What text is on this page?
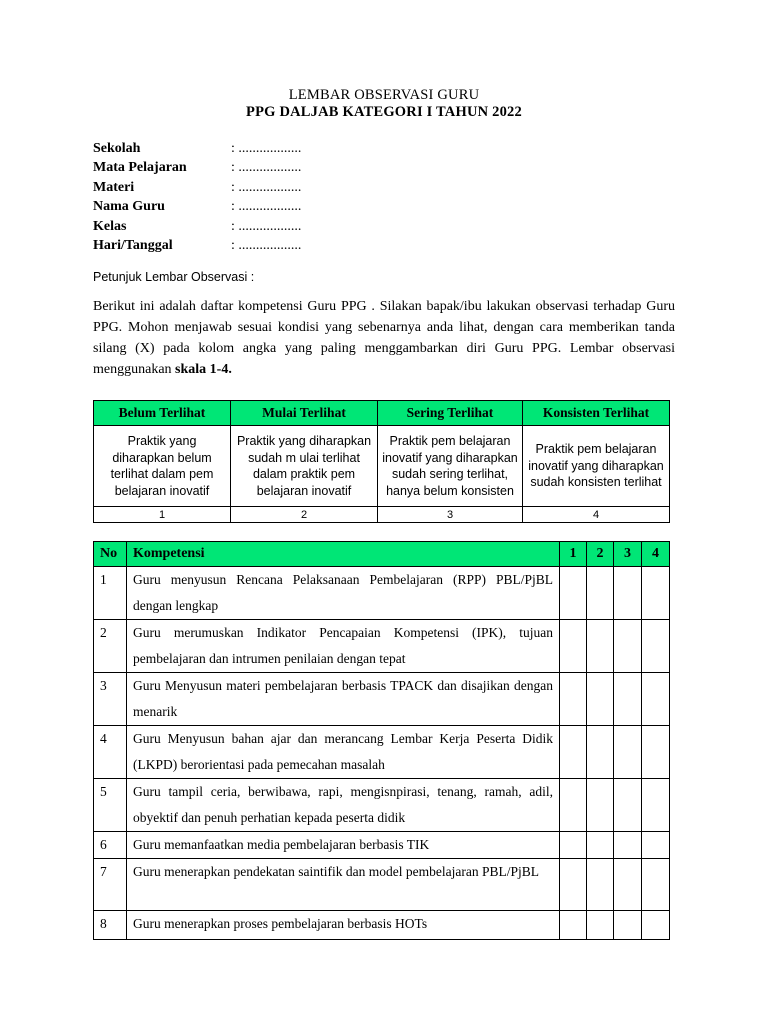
LEMBAR OBSERVASI GURU
PPG DALJAB KATEGORI I TAHUN 2022
Sekolah	: ..................
Mata Pelajaran	: ..................
Materi	: ..................
Nama Guru	: ..................
Kelas	: ..................
Hari/Tanggal	: ..................
Petunjuk Lembar Observasi :
Berikut ini adalah daftar kompetensi Guru PPG . Silakan bapak/ibu lakukan observasi terhadap Guru PPG. Mohon menjawab sesuai kondisi yang sebenarnya anda lihat, dengan cara memberikan tanda silang (X) pada kolom angka yang paling menggambarkan diri Guru PPG. Lembar observasi menggunakan skala 1-4.
Belum Terlihat	Mulai Terlihat	Sering Terlihat	Konsisten Terlihat
Praktik yang diharapkan belum terlihat dalam pem belajaran inovatif	Praktik yang diharapkan sudah m ulai terlihat dalam praktik pem belajaran inovatif	Praktik pem belajaran inovatif yang diharapkan sudah sering terlihat, hanya belum konsisten	Praktik pem belajaran inovatif yang diharapkan sudah konsisten terlihat
1	2	3	4
No	Kompetensi	1	2	3	4
1	Guru menyusun Rencana Pelaksanaan Pembelajaran (RPP) PBL/PjBL dengan lengkap				
2	Guru merumuskan Indikator Pencapaian Kompetensi (IPK), tujuan pembelajaran dan intrumen penilaian dengan tepat				
3	Guru Menyusun materi pembelajaran berbasis TPACK dan disajikan dengan menarik				
4	Guru Menyusun bahan ajar dan merancang Lembar Kerja Peserta Didik (LKPD) berorientasi pada pemecahan masalah				
5	Guru tampil ceria, berwibawa, rapi, mengisnpirasi, tenang, ramah, adil, obyektif dan penuh perhatian kepada peserta didik				
6	Guru memanfaatkan media pembelajaran berbasis TIK				
7	Guru menerapkan pendekatan saintifik dan model pembelajaran PBL/PjBL				
8	Guru menerapkan proses pembelajaran berbasis HOTs				
